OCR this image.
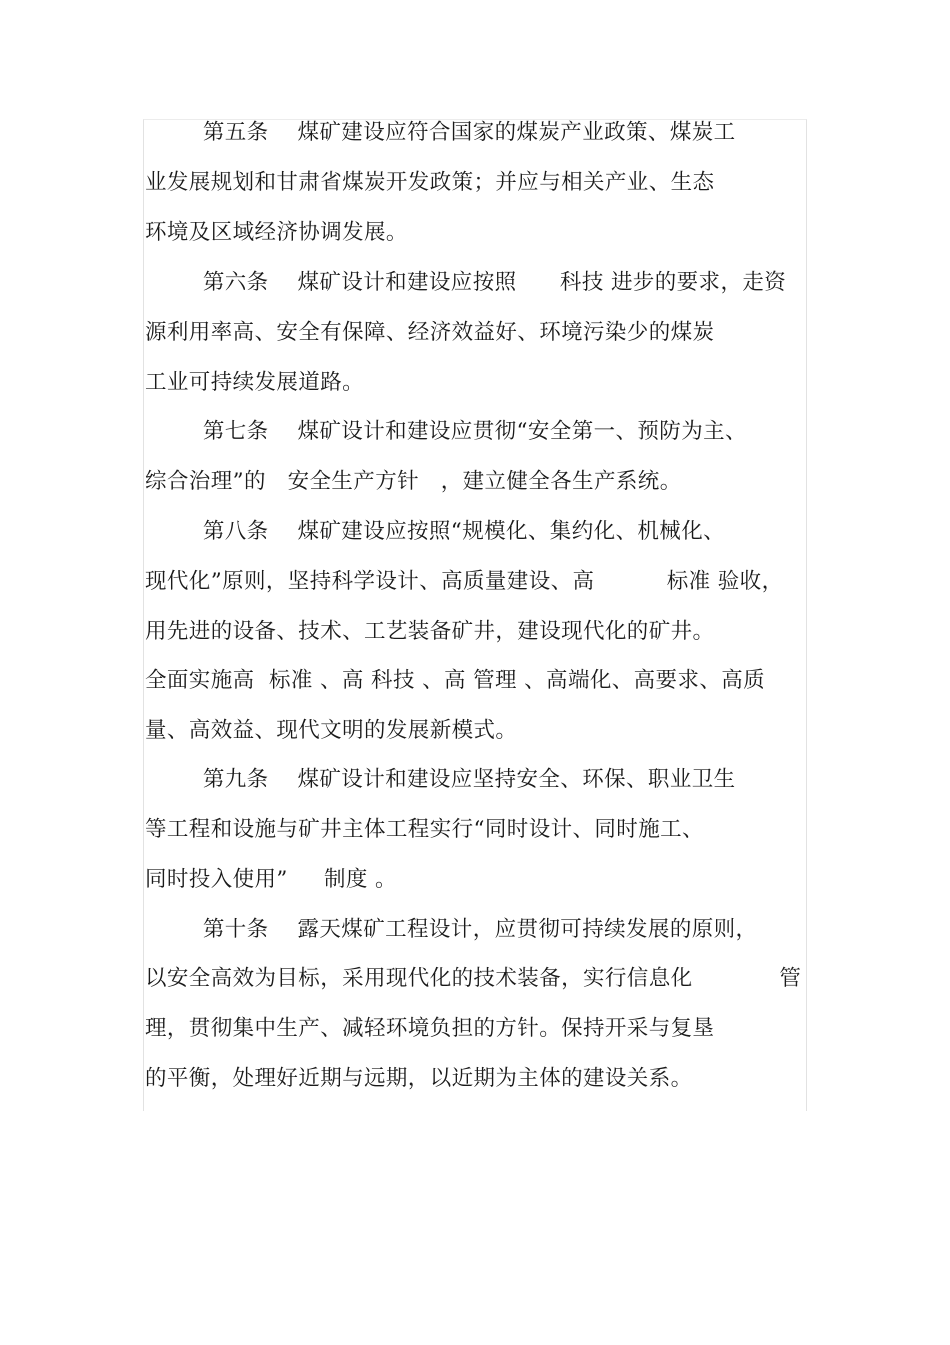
第五条    煤矿建设应符合国家的煤炭产业政策、煤炭工
业发展规划和甘肃省煤炭开发政策；并应与相关产业、生态
环境及区域经济协调发展。
第六条    煤矿设计和建设应按照      科技 进步的要求，走资
源利用率高、安全有保障、经济效益好、环境污染少的煤炭
工业可持续发展道路。
第七条    煤矿设计和建设应贯彻“安全第一、预防为主、
综合治理”的   安全生产方针   ，建立健全各生产系统。
第八条    煤矿建设应按照“规模化、集约化、机械化、
现代化”原则，坚持科学设计、高质量建设、高          标准 验收，
用先进的设备、技术、工艺装备矿井，建设现代化的矿井。
全面实施高  标准 、高 科技 、高 管理 、高端化、高要求、高质
量、高效益、现代文明的发展新模式。
第九条    煤矿设计和建设应坚持安全、环保、职业卫生
等工程和设施与矿井主体工程实行“同时设计、同时施工、
同时投入使用”     制度 。
第十条    露天煤矿工程设计，应贯彻可持续发展的原则，
以安全高效为目标，采用现代化的技术装备，实行信息化            管
理，贯彻集中生产、减轻环境负担的方针。保持开采与复垦
的平衡，处理好近期与远期，以近期为主体的建设关系。
